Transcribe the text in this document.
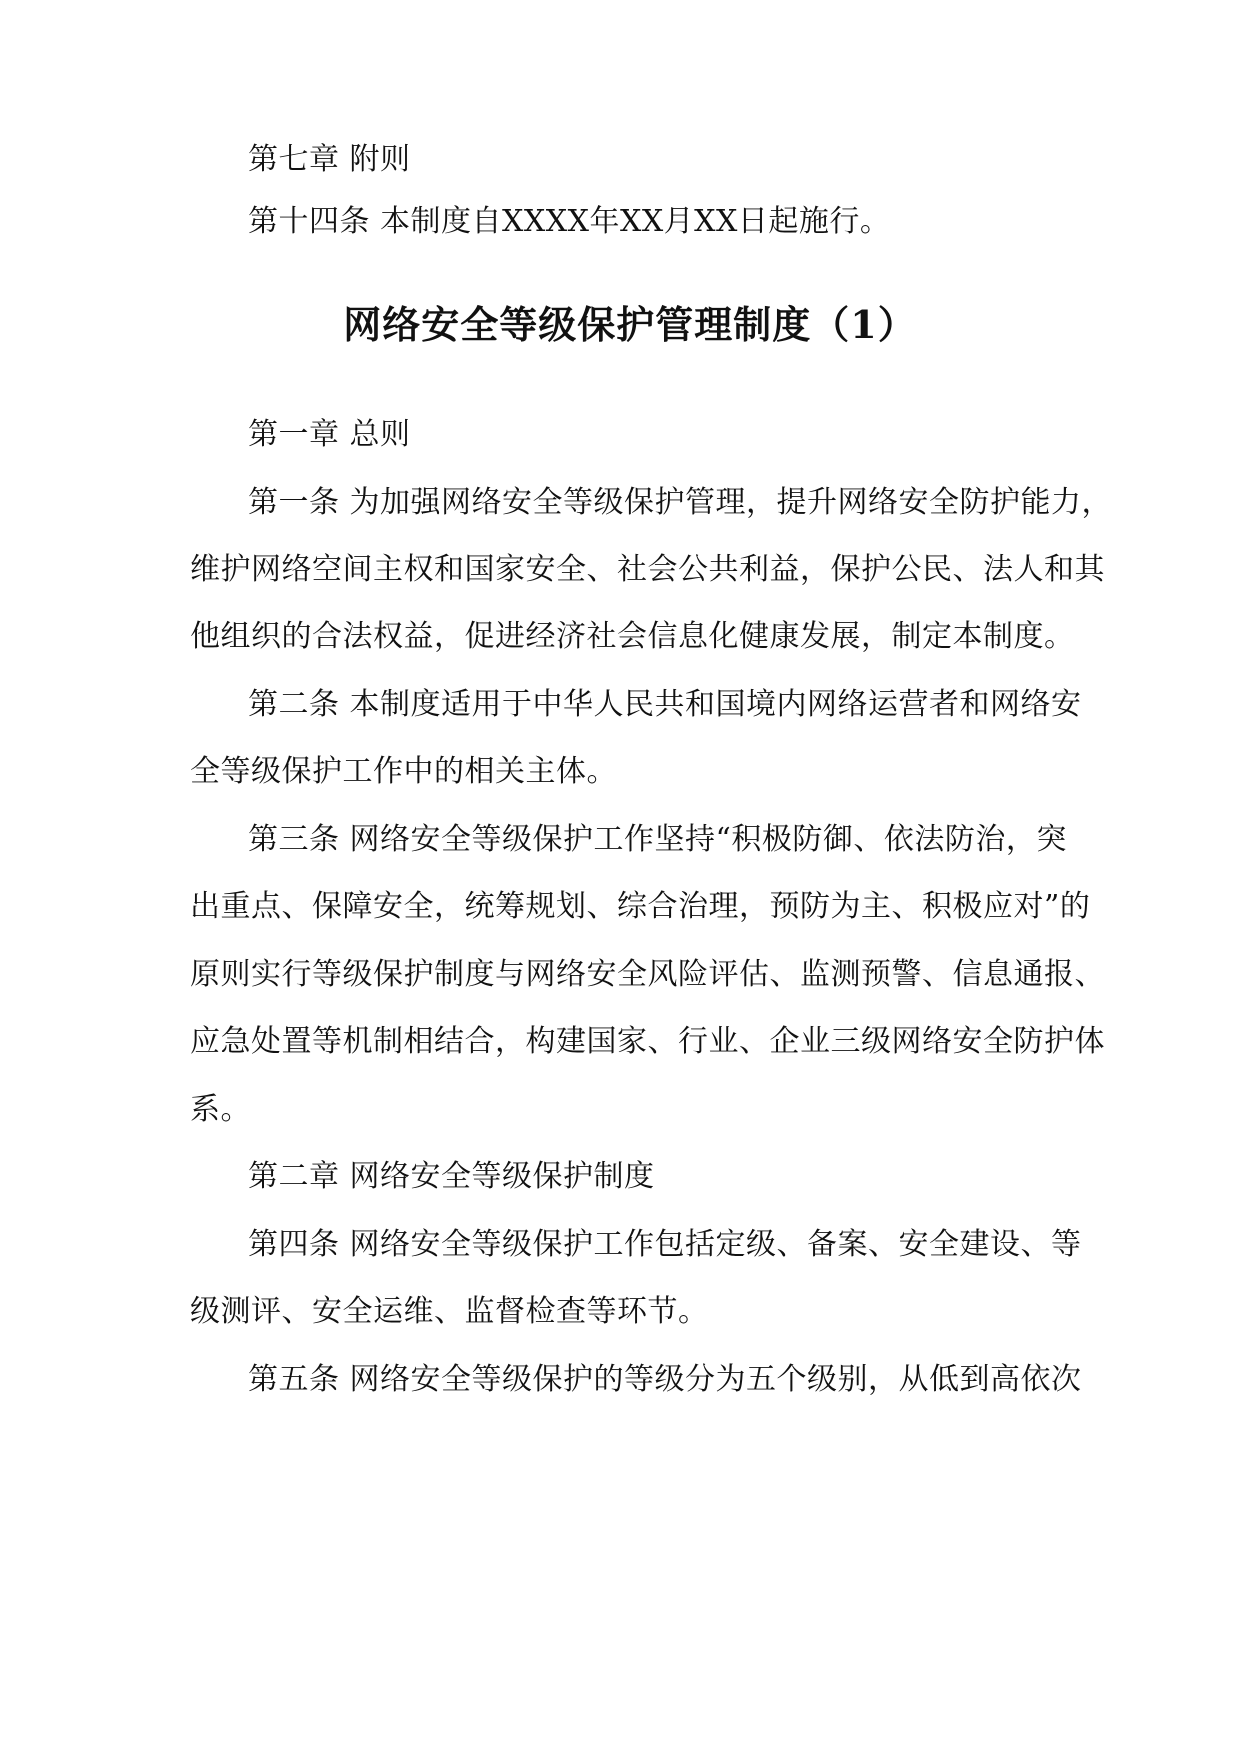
第七章 附则
第十四条 本制度自XXXX年XX月XX日起施行。
网络安全等级保护管理制度（1）
第一章 总则
第一条 为加强网络安全等级保护管理，提升网络安全防护能力，
维护网络空间主权和国家安全、社会公共利益，保护公民、法人和其
他组织的合法权益，促进经济社会信息化健康发展，制定本制度。
第二条 本制度适用于中华人民共和国境内网络运营者和网络安
全等级保护工作中的相关主体。
第三条 网络安全等级保护工作坚持“积极防御、依法防治，突
出重点、保障安全，统筹规划、综合治理，预防为主、积极应对”的
原则实行等级保护制度与网络安全风险评估、监测预警、信息通报、
应急处置等机制相结合，构建国家、行业、企业三级网络安全防护体
系。
第二章 网络安全等级保护制度
第四条 网络安全等级保护工作包括定级、备案、安全建设、等
级测评、安全运维、监督检查等环节。
第五条 网络安全等级保护的等级分为五个级别，从低到高依次
